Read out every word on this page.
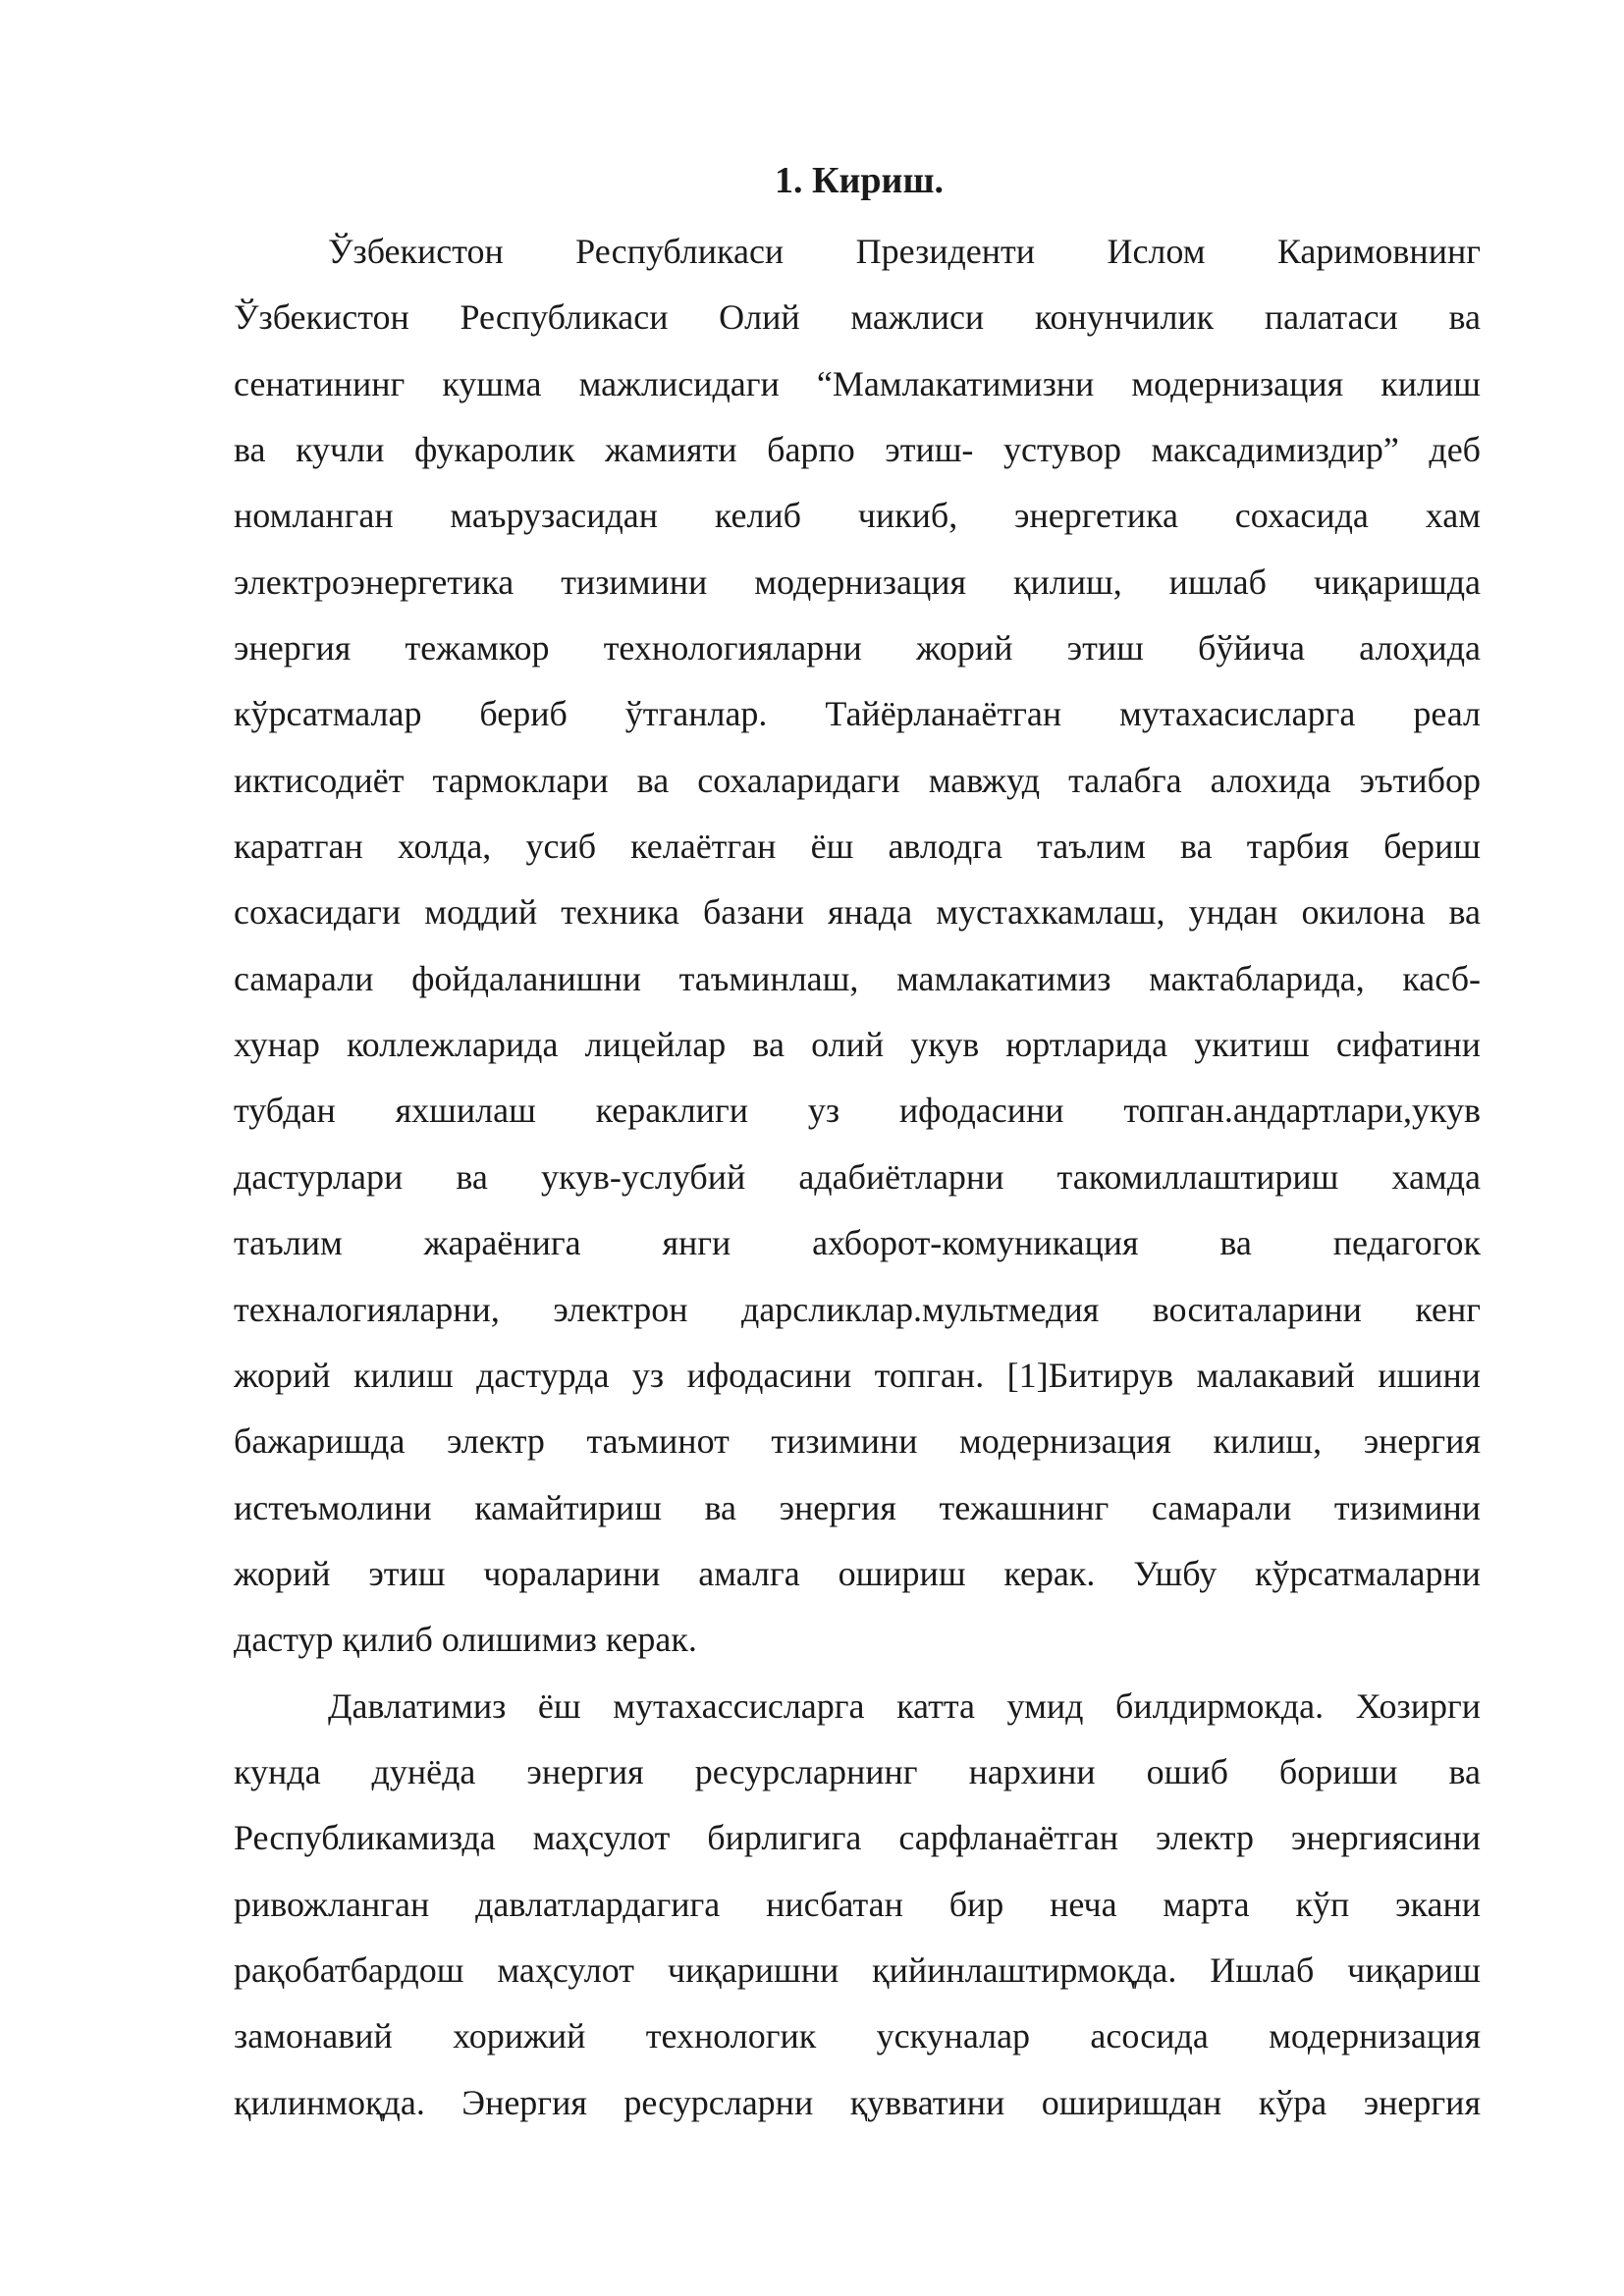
1. Кириш.
Ўзбекистон Республикаси Президенти Ислом Каримовнинг
Ўзбекистон Республикаси Олий мажлиси конунчилик палатаси ва
сенатининг кушма мажлисидаги “Мамлакатимизни модернизация килиш
ва кучли фукаролик жамияти барпо этиш- устувор максадимиздир” деб
номланган маърузасидан келиб чикиб, энергетика сохасида хам
электроэнергетика тизимини модернизация қилиш, ишлаб чиқаришда
энергия тежамкор технологияларни жорий этиш бўйича алоҳида
кўрсатмалар бериб ўтганлар. Тайёрланаётган мутахасисларга реал
иктисодиёт тармоклари ва сохаларидаги мавжуд талабга алохида эътибор
каратган холда, усиб келаётган ёш авлодга таълим ва тарбия бериш
сохасидаги моддий техника базани янада мустахкамлаш, ундан окилона ва
самарали фойдаланишни таъминлаш, мамлакатимиз мактабларида, касб-
хунар коллежларида лицейлар ва олий укув юртларида укитиш сифатини
тубдан яхшилаш кераклиги уз ифодасини топган.андартлари,укув
дастурлари ва укув-услубий адабиётларни такомиллаштириш хамда
таълим жараёнига янги ахборот-комуникация ва педагогок
техналогияларни, электрон дарсликлар.мультмедия воситаларини кенг
жорий килиш дастурда уз ифодасини топган. [1]Битирув малакавий ишини
бажаришда электр таъминот тизимини модернизация килиш, энергия
истеъмолини камайтириш ва энергия тежашнинг самарали тизимини
жорий этиш чораларини амалга ошириш керак. Ушбу кўрсатмаларни
дастур қилиб олишимиз керак.
Давлатимиз ёш мутахассисларга катта умид билдирмокда. Хозирги
кунда дунёда энергия ресурсларнинг нархини ошиб бориши ва
Республикамизда маҳсулот бирлигига сарфланаётган электр энергиясини
ривожланган давлатлардагига нисбатан бир неча марта кўп экани
рақобатбардош маҳсулот чиқаришни қийинлаштирмоқда. Ишлаб чиқариш
замонавий хорижий технологик ускуналар асосида модернизация
қилинмоқда. Энергия ресурсларни қувватини оширишдан кўра энергия
